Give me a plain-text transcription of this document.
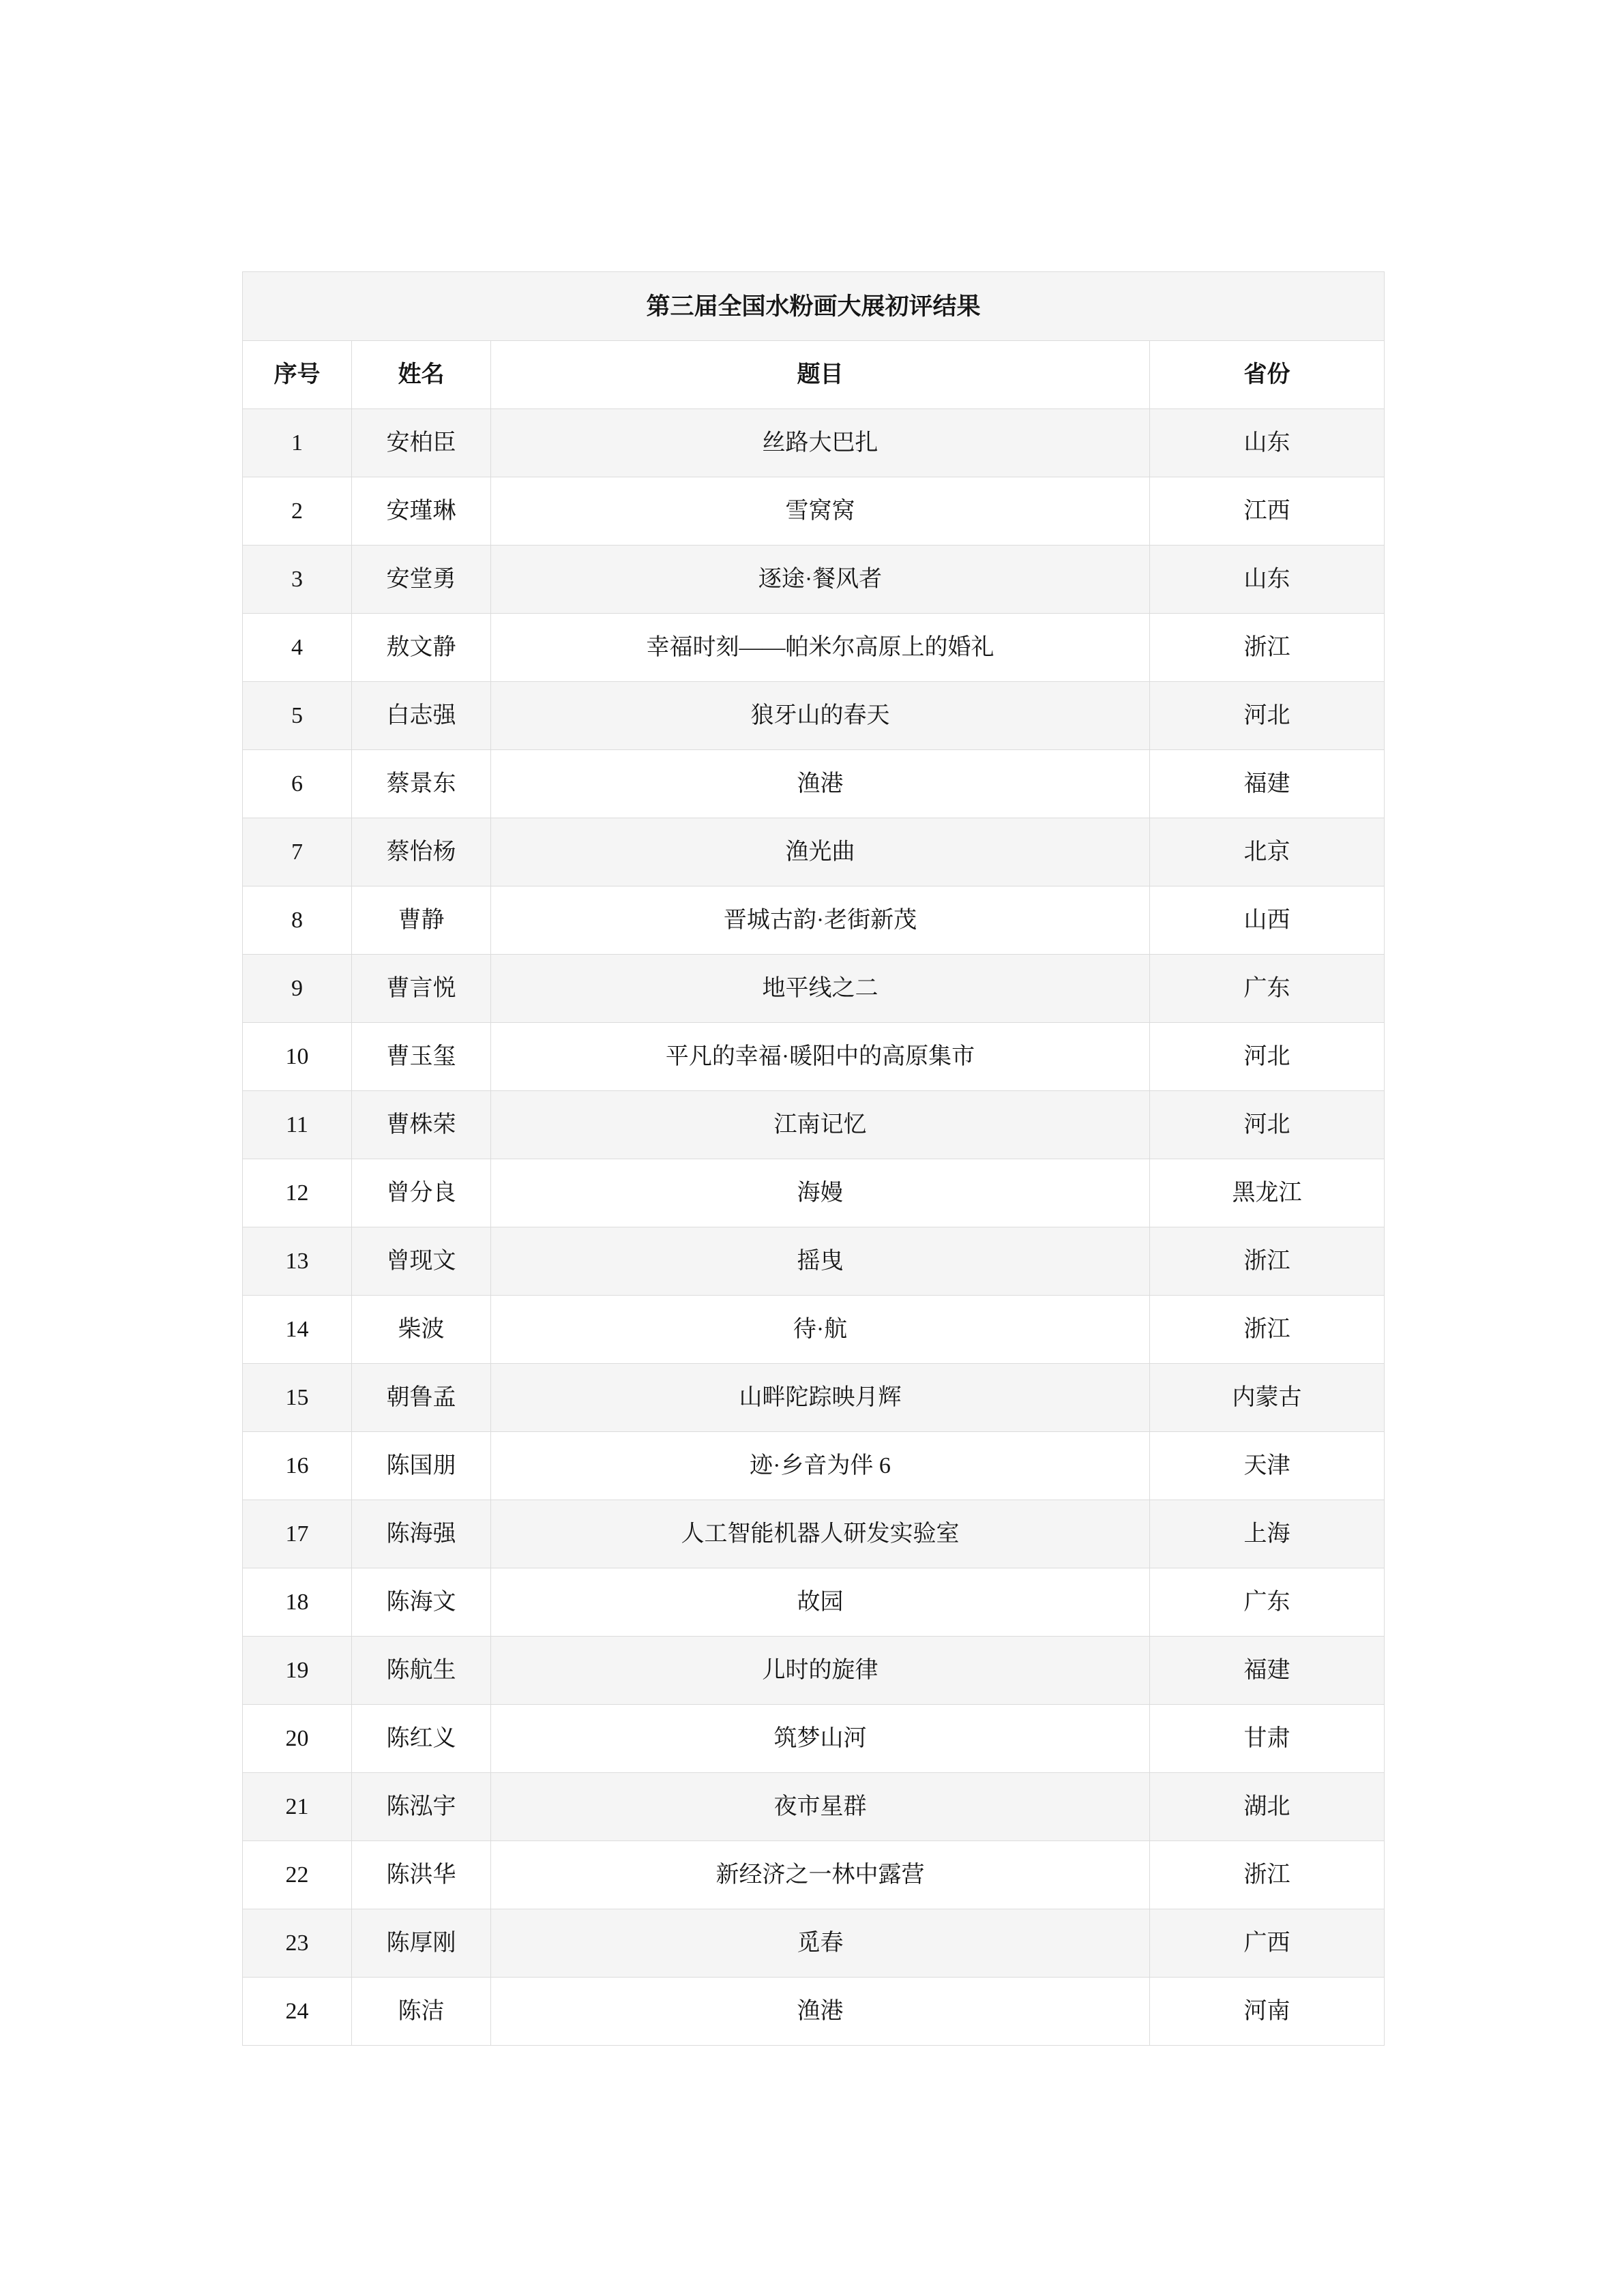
第三届全国水粉画大展初评结果			
序号	姓名	题目	省份
1	安柏臣	丝路大巴扎	山东
2	安瑾琳	雪窝窝	江西
3	安堂勇	逐途·餐风者	山东
4	敖文静	幸福时刻——帕米尔高原上的婚礼	浙江
5	白志强	狼牙山的春天	河北
6	蔡景东	渔港	福建
7	蔡怡杨	渔光曲	北京
8	曹静	晋城古韵·老街新茂	山西
9	曹言悦	地平线之二	广东
10	曹玉玺	平凡的幸福·暖阳中的高原集市	河北
11	曹株荣	江南记忆	河北
12	曾分良	海嫚	黑龙江
13	曾现文	摇曳	浙江
14	柴波	待·航	浙江
15	朝鲁孟	山畔陀踪映月辉	内蒙古
16	陈国朋	迹·乡音为伴 6	天津
17	陈海强	人工智能机器人研发实验室	上海
18	陈海文	故园	广东
19	陈航生	儿时的旋律	福建
20	陈红义	筑梦山河	甘肃
21	陈泓宇	夜市星群	湖北
22	陈洪华	新经济之一林中露营	浙江
23	陈厚刚	觅春	广西
24	陈洁	渔港	河南
